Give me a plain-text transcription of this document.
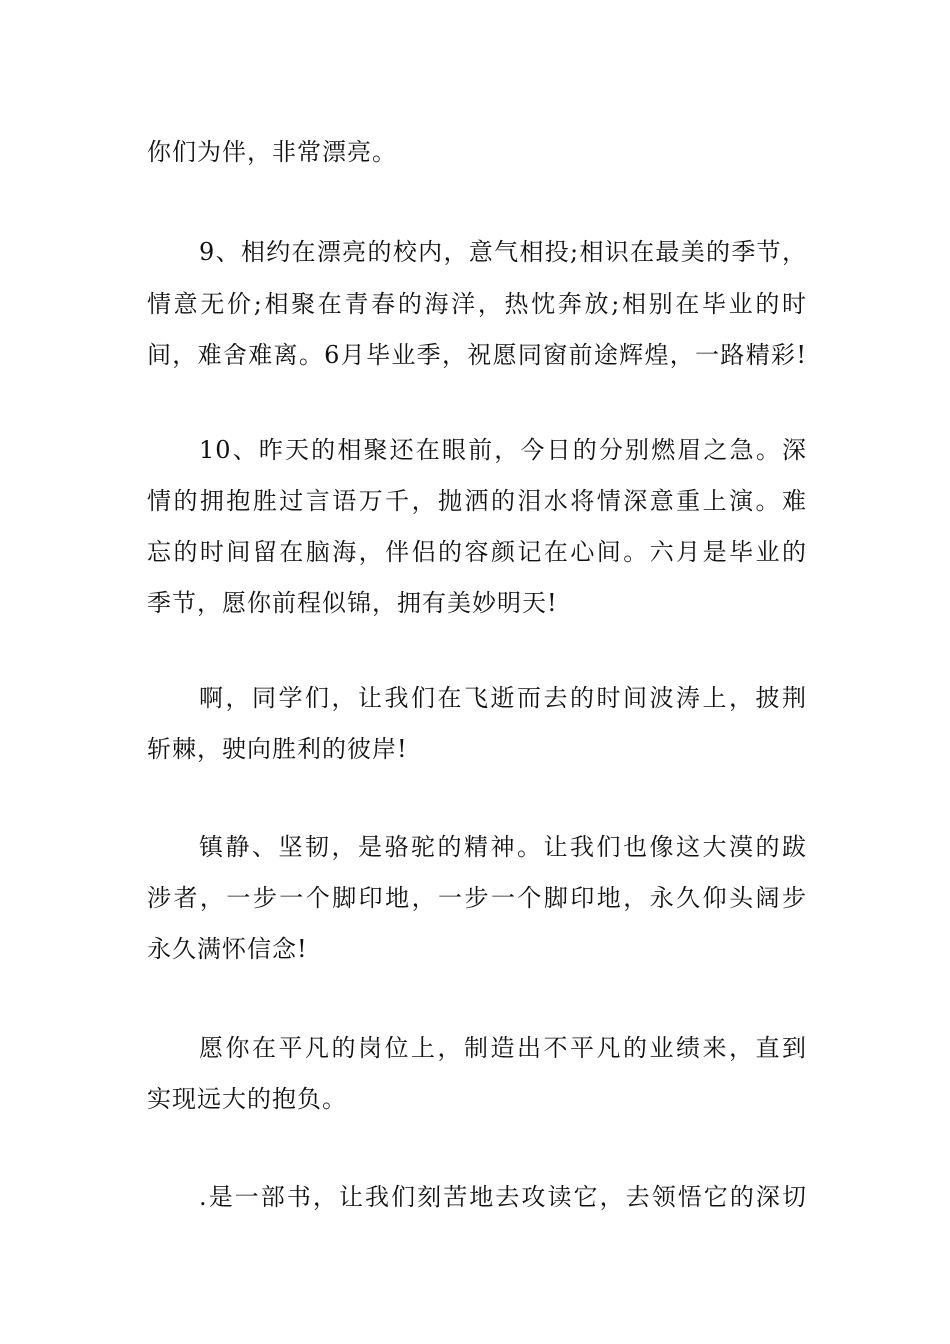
你们为伴，非常漂亮。
9、相约在漂亮的校内，意气相投;相识在最美的季节，
情意无价;相聚在青春的海洋，热忱奔放;相别在毕业的时
间，难舍难离。6月毕业季，祝愿同窗前途辉煌，一路精彩!
10、昨天的相聚还在眼前，今日的分别燃眉之急。深
情的拥抱胜过言语万千，抛洒的泪水将情深意重上演。难
忘的时间留在脑海，伴侣的容颜记在心间。六月是毕业的
季节，愿你前程似锦，拥有美妙明天!
啊，同学们，让我们在飞逝而去的时间波涛上，披荆
斩棘，驶向胜利的彼岸!
镇静、坚韧，是骆驼的精神。让我们也像这大漠的跋
涉者，一步一个脚印地，一步一个脚印地，永久仰头阔步
永久满怀信念!
愿你在平凡的岗位上，制造出不平凡的业绩来，直到
实现远大的抱负。
.是一部书，让我们刻苦地去攻读它，去领悟它的深切
